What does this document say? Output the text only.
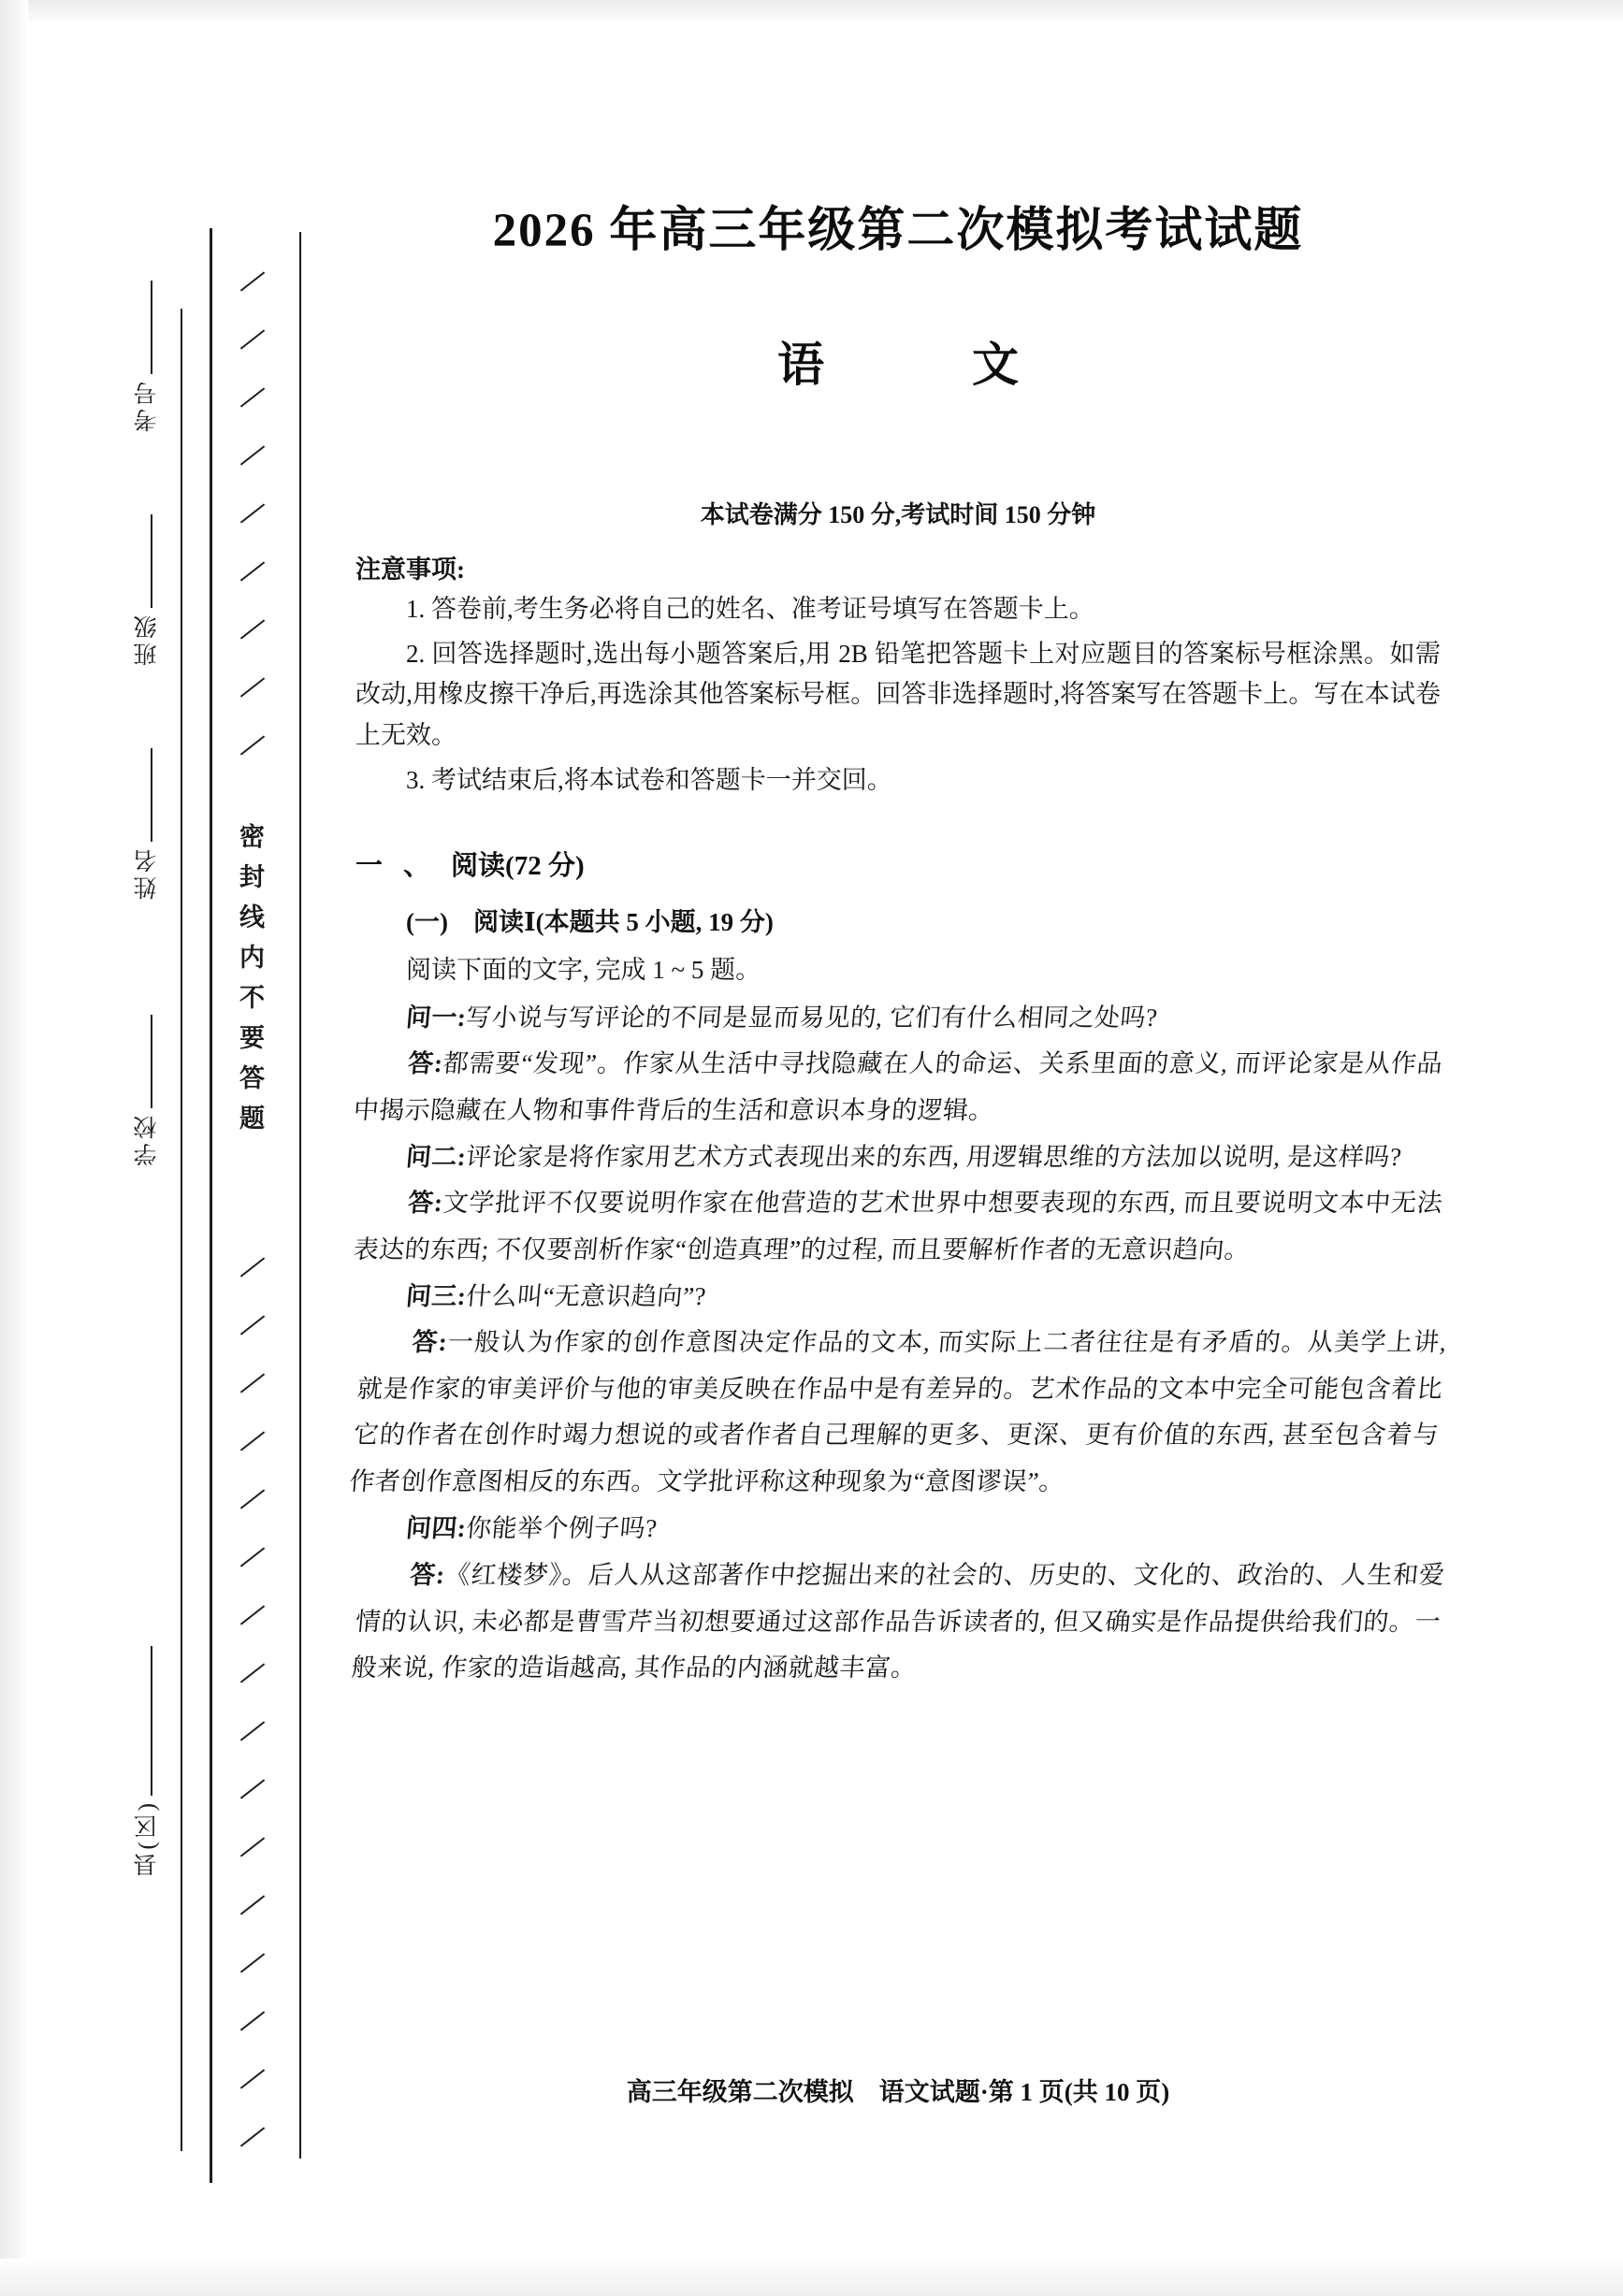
密封线内不要答题
考号
班级
姓名
学校
县(区)
2026 年高三年级第二次模拟考试试题
语　文
本试卷满分 150 分,考试时间 150 分钟
注意事项:

1. 答卷前,考生务必将自己的姓名、准考证号填写在答题卡上。

2. 回答选择题时,选出每小题答案后,用 2B 铅笔把答题卡上对应题目的答案标号框涂黑。如需改动,用橡皮擦干净后,再选涂其他答案标号框。回答非选择题时,将答案写在答题卡上。写在本试卷上无效。

3. 考试结束后,将本试卷和答题卡一并交回。

一、阅读(72 分)
(一)　阅读Ⅰ(本题共 5 小题, 19 分)
阅读下面的文字, 完成 1 ~ 5 题。

问一:写小说与写评论的不同是显而易见的, 它们有什么相同之处吗?

答:都需要“发现”。作家从生活中寻找隐藏在人的命运、关系里面的意义, 而评论家是从作品中揭示隐藏在人物和事件背后的生活和意识本身的逻辑。

问二:评论家是将作家用艺术方式表现出来的东西, 用逻辑思维的方法加以说明, 是这样吗?

答:文学批评不仅要说明作家在他营造的艺术世界中想要表现的东西, 而且要说明文本中无法表达的东西; 不仅要剖析作家“创造真理”的过程, 而且要解析作者的无意识趋向。

问三:什么叫“无意识趋向”?

答:一般认为作家的创作意图决定作品的文本, 而实际上二者往往是有矛盾的。从美学上讲, 就是作家的审美评价与他的审美反映在作品中是有差异的。艺术作品的文本中完全可能包含着比它的作者在创作时竭力想说的或者作者自己理解的更多、更深、更有价值的东西, 甚至包含着与作者创作意图相反的东西。文学批评称这种现象为“意图谬误”。

问四:你能举个例子吗?

答:《红楼梦》。后人从这部著作中挖掘出来的社会的、历史的、文化的、政治的、人生和爱情的认识, 未必都是曹雪芹当初想要通过这部作品告诉读者的, 但又确实是作品提供给我们的。一般来说, 作家的造诣越高, 其作品的内涵就越丰富。

高三年级第二次模拟　语文试题·第 1 页(共 10 页)
